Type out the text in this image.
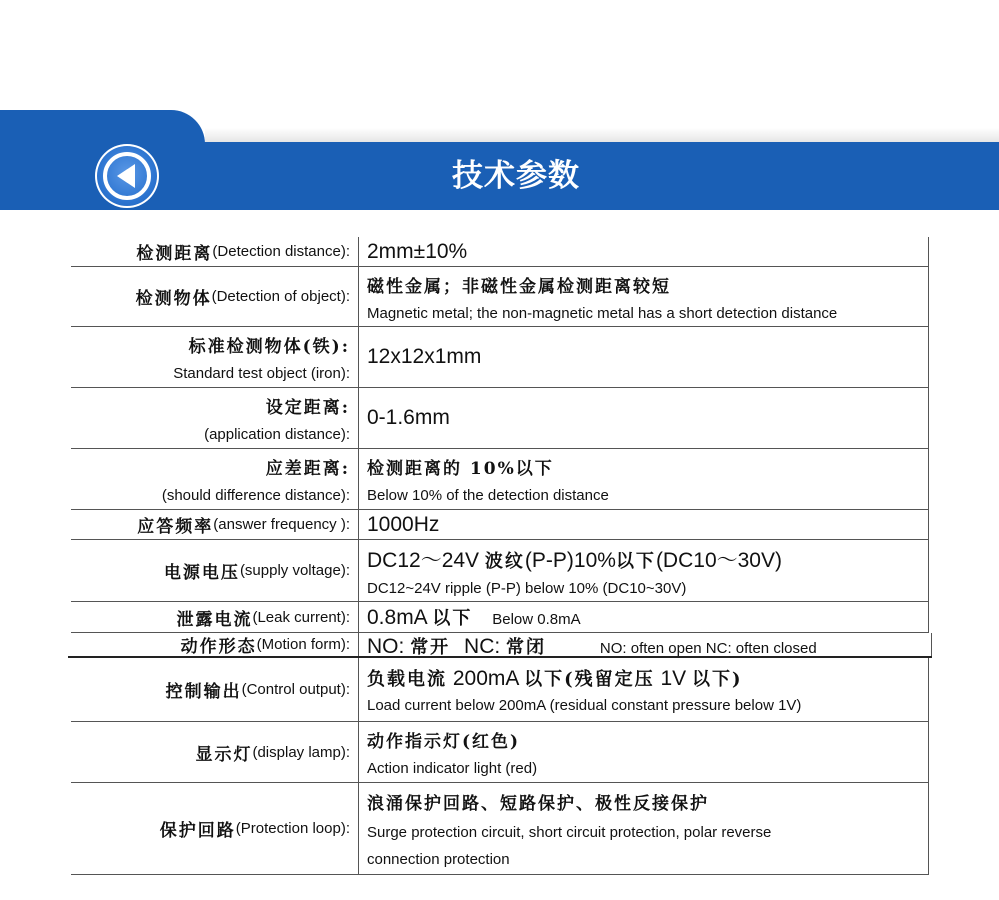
技术参数
检测距离 (Detection distance): 2mm±10%
检测物体 (Detection of object): 磁性金属；非磁性金属检测距离较短
Magnetic metal; the non-magnetic metal has a short detection distance
标准检测物体(铁):
Standard test object (iron):
12x12x1mm
设定距离:
(application distance):
0-1.6mm
应差距离:
(should difference distance):
检测距离的 10%以下
Below 10% of the detection distance
应答频率 (answer frequency ): 1000Hz
电源电压 (supply voltage): DC12～24V 波纹(P-P)10%以下(DC10～30V)
DC12~24V ripple (P-P) below 10% (DC10~30V)
泄露电流 (Leak current): 0.8mA 以下 Below 0.8mA
动作形态 (Motion form): NO: 常开 NC: 常闭	NO: often open NC: often closed
控制输出 (Control output): 负载电流 200mA 以下(残留定压 1V 以下)
Load current below 200mA (residual constant pressure below 1V)
显示灯 (display lamp): 动作指示灯(红色)
Action indicator light (red)
保护回路 (Protection loop):
浪涌保护回路、短路保护、极性反接保护
Surge protection circuit, short circuit protection, polar reverse
connection protection
